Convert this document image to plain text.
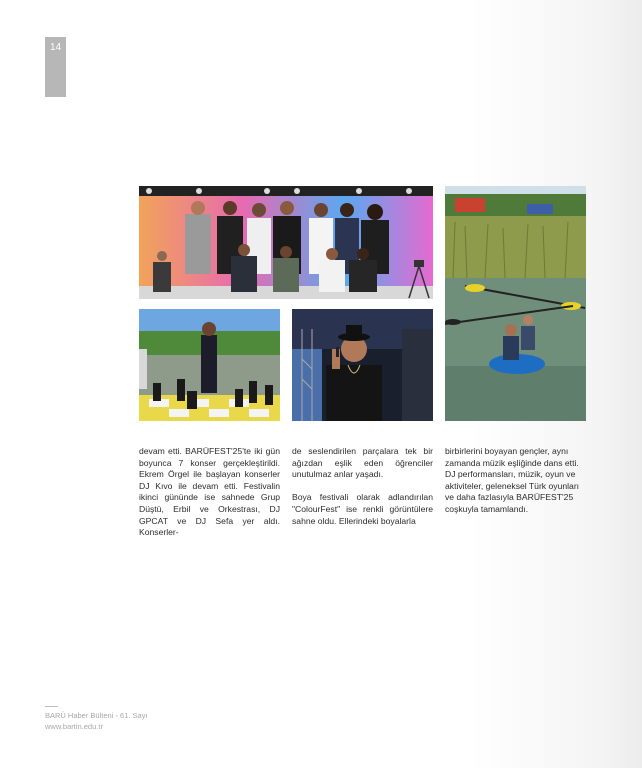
14

devam etti. BARÜFEST'25'te iki gün boyunca 7 konser gerçekleştirildi. Ekrem Örgel ile başlayan konserler DJ Kıvo ile devam etti. Festivalin ikinci gününde ise sahnede Grup Düştü, Erbil ve Orkestrası, DJ GPCAT ve DJ Sefa yer aldı. Konserler-

de seslendirilen parçalara tek bir ağızdan eşlik eden öğrenciler unutulmaz anlar yaşadı.

Boya festivali olarak adlandırılan "ColourFest" ise renkli görüntülere sahne oldu. Ellerindeki boyalarla

birbirlerini boyayan gençler, aynı zamanda müzik eşliğinde dans etti. DJ performansları, müzik, oyun ve aktiviteler, geleneksel Türk oyunları ve daha fazlasıyla BARÜFEST'25 coşkuyla tamamlandı.

BARÜ Haber Bülteni - 61. Sayı
www.bartin.edu.tr
